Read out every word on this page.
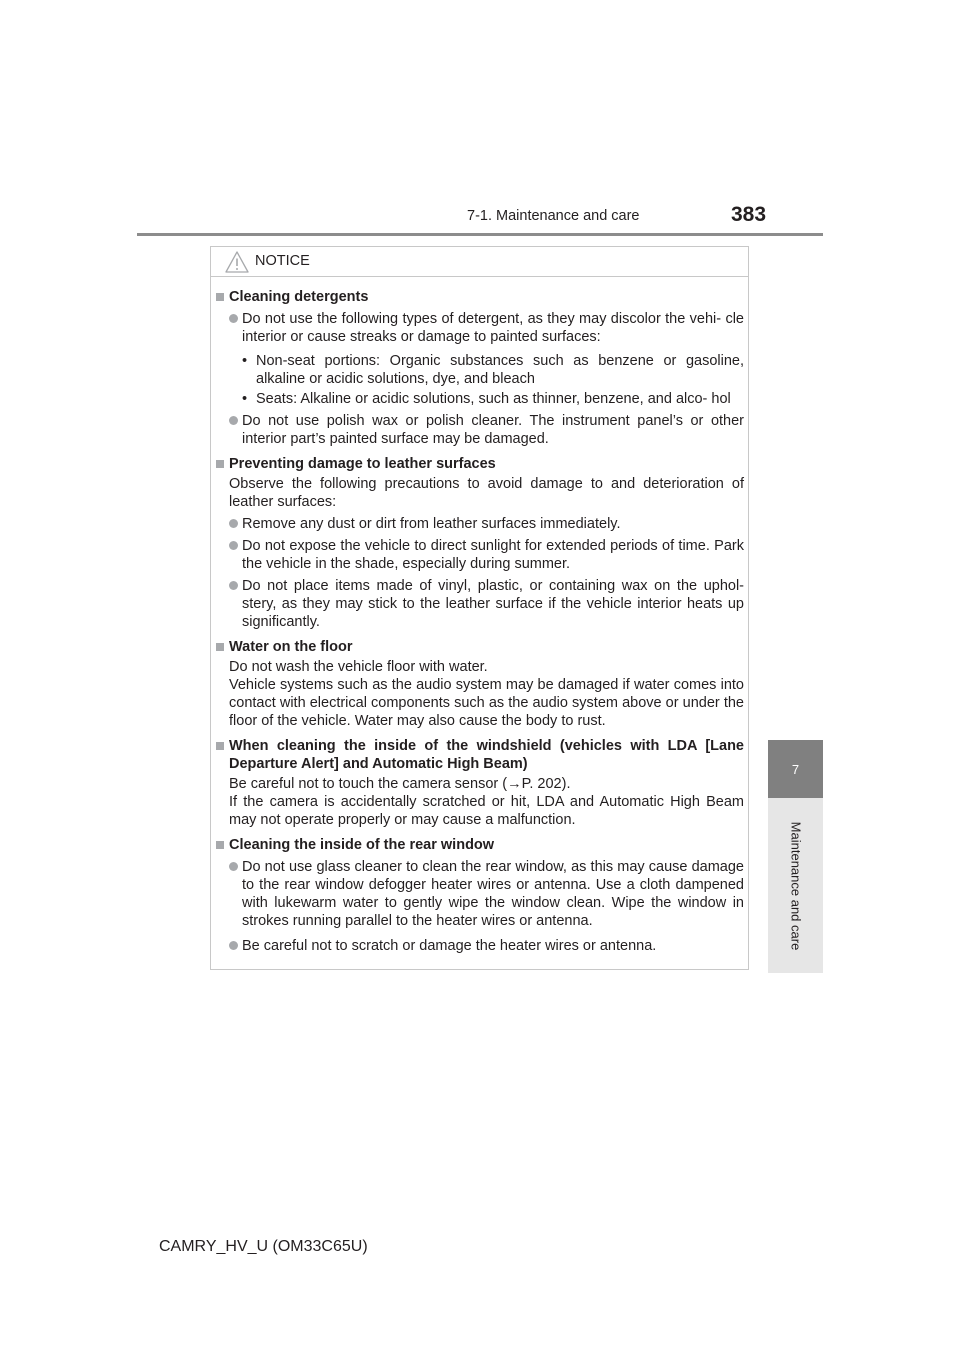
7-1. Maintenance and care	383
7
Maintenance and care
NOTICE
Cleaning detergents
Do not use the following types of detergent, as they may discolor the vehi- cle interior or cause streaks or damage to painted surfaces:
• Non-seat portions: Organic substances such as benzene or gasoline, alkaline or acidic solutions, dye, and bleach
• Seats: Alkaline or acidic solutions, such as thinner, benzene, and alco- hol
Do not use polish wax or polish cleaner. The instrument panel’s or other interior part’s painted surface may be damaged.
Preventing damage to leather surfaces
Observe the following precautions to avoid damage to and deterioration of leather surfaces:
Remove any dust or dirt from leather surfaces immediately.
Do not expose the vehicle to direct sunlight for extended periods of time. Park the vehicle in the shade, especially during summer.
Do not place items made of vinyl, plastic, or containing wax on the uphol- stery, as they may stick to the leather surface if the vehicle interior heats up significantly.
Water on the floor
Do not wash the vehicle floor with water.
Vehicle systems such as the audio system may be damaged if water comes into contact with electrical components such as the audio system above or under the floor of the vehicle. Water may also cause the body to rust.
When cleaning the inside of the windshield (vehicles with LDA [Lane Departure Alert] and Automatic High Beam)
Be careful not to touch the camera sensor (→P. 202).
If the camera is accidentally scratched or hit, LDA and Automatic High Beam may not operate properly or may cause a malfunction.
Cleaning the inside of the rear window
Do not use glass cleaner to clean the rear window, as this may cause damage to the rear window defogger heater wires or antenna. Use a cloth dampened with lukewarm water to gently wipe the window clean. Wipe the window in strokes running parallel to the heater wires or antenna.
Be careful not to scratch or damage the heater wires or antenna.
CAMRY_HV_U (OM33C65U)
